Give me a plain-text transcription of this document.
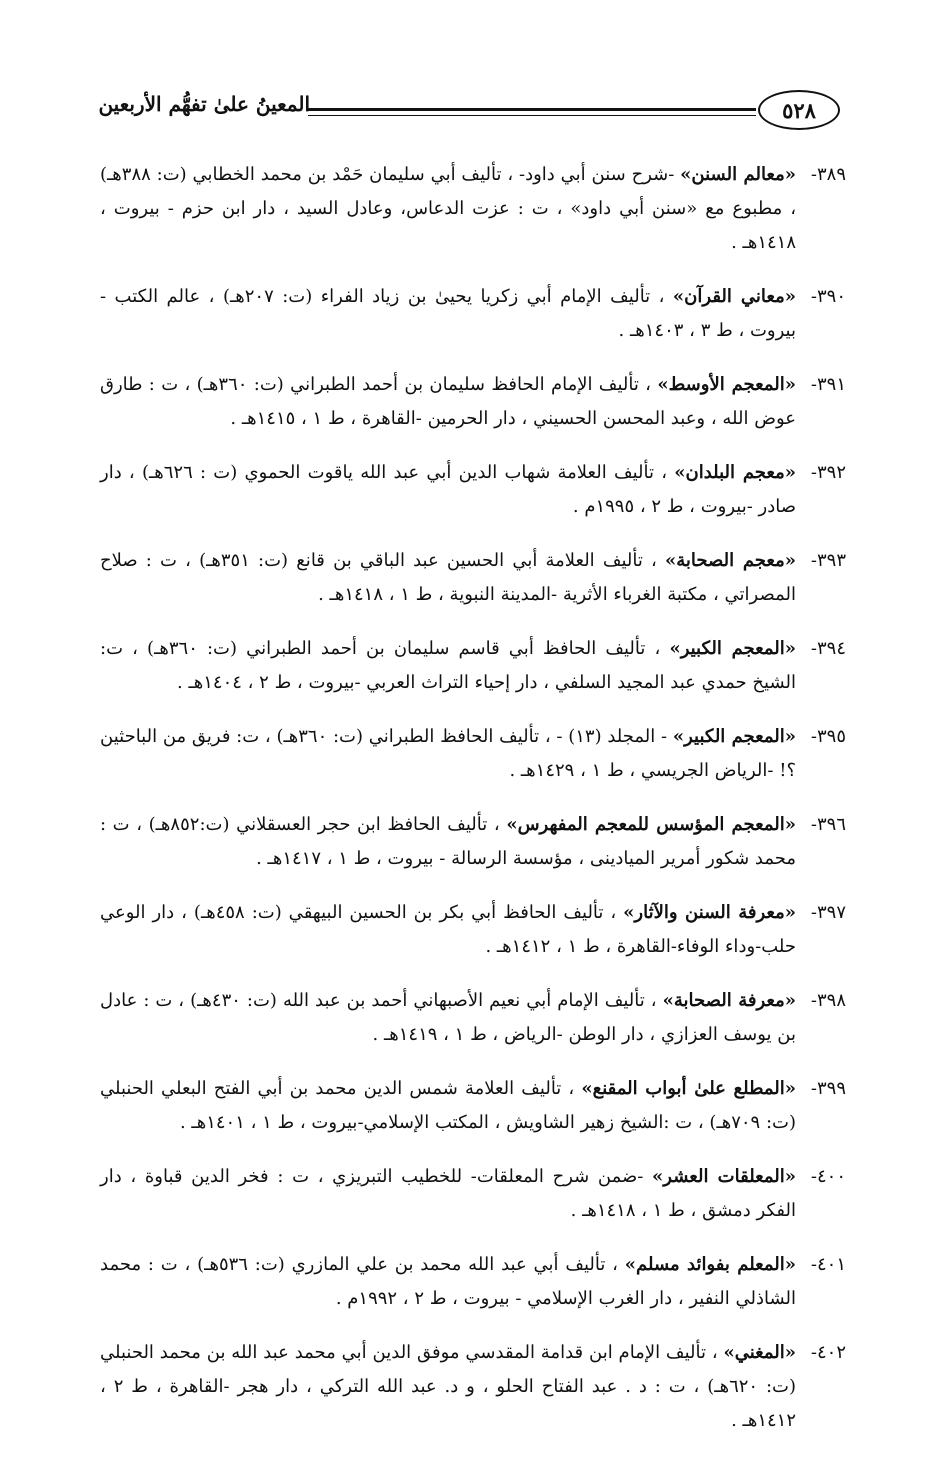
٥٢٨
المعينُ علىٰ تفهُّم الأربعين
٣٨٩-
«معالم السنن» -شرح سنن أبي داود- ، تأليف أبي سليمان حَمْد بن محمد الخطابي (ت: ٣٨٨هـ) ، مطبوع مع «سنن أبي داود» ، ت : عزت الدعاس، وعادل السيد ، دار ابن حزم - بيروت ، ١٤١٨هـ .
٣٩٠-
«معاني القرآن» ، تأليف الإمام أبي زكريا يحيىٰ بن زياد الفراء (ت: ٢٠٧هـ) ، عالم الكتب - بيروت ، ط ٣ ، ١٤٠٣هـ .
٣٩١-
«المعجم الأوسط» ، تأليف الإمام الحافظ سليمان بن أحمد الطبراني (ت: ٣٦٠هـ) ، ت : طارق عوض الله ، وعبد المحسن الحسيني ، دار الحرمين -القاهرة ، ط ١ ، ١٤١٥هـ .
٣٩٢-
«معجم البلدان» ، تأليف العلامة شهاب الدين أبي عبد الله ياقوت الحموي (ت : ٦٢٦هـ) ، دار صادر -بيروت ، ط ٢ ، ١٩٩٥م .
٣٩٣-
«معجم الصحابة» ، تأليف العلامة أبي الحسين عبد الباقي بن قانع (ت: ٣٥١هـ) ، ت : صلاح المصراتي ، مكتبة الغرباء الأثرية -المدينة النبوية ، ط ١ ، ١٤١٨هـ .
٣٩٤-
«المعجم الكبير» ، تأليف الحافظ أبي قاسم سليمان بن أحمد الطبراني (ت: ٣٦٠هـ) ، ت: الشيخ حمدي عبد المجيد السلفي ، دار إحياء التراث العربي -بيروت ، ط ٢ ، ١٤٠٤هـ .
٣٩٥-
«المعجم الكبير» - المجلد (١٣) - ، تأليف الحافظ الطبراني (ت: ٣٦٠هـ) ، ت: فريق من الباحثين ؟! -الرياض الجريسي ، ط ١ ، ١٤٢٩هـ .
٣٩٦-
«المعجم المؤسس للمعجم المفهرس» ، تأليف الحافظ ابن حجر العسقلاني (ت:٨٥٢هـ) ، ت : محمد شكور أمرير الميادينى ، مؤسسة الرسالة - بيروت ، ط ١ ، ١٤١٧هـ .
٣٩٧-
«معرفة السنن والآثار» ، تأليف الحافظ أبي بكر بن الحسين البيهقي (ت: ٤٥٨هـ) ، دار الوعي حلب-وداء الوفاء-القاهرة ، ط ١ ، ١٤١٢هـ .
٣٩٨-
«معرفة الصحابة» ، تأليف الإمام أبي نعيم الأصبهاني أحمد بن عبد الله (ت: ٤٣٠هـ) ، ت : عادل بن يوسف العزازي ، دار الوطن -الرياض ، ط ١ ، ١٤١٩هـ .
٣٩٩-
«المطلع علىٰ أبواب المقنع» ، تأليف العلامة شمس الدين محمد بن أبي الفتح البعلي الحنبلي (ت: ٧٠٩هـ) ، ت :الشيخ زهير الشاويش ، المكتب الإسلامي-بيروت ، ط ١ ، ١٤٠١هـ .
٤٠٠-
«المعلقات العشر» -ضمن شرح المعلقات- للخطيب التبريزي ، ت : فخر الدين قباوة ، دار الفكر دمشق ، ط ١ ، ١٤١٨هـ .
٤٠١-
«المعلم بفوائد مسلم» ، تأليف أبي عبد الله محمد بن علي المازري (ت: ٥٣٦هـ) ، ت : محمد الشاذلي النفير ، دار الغرب الإسلامي - بيروت ، ط ٢ ، ١٩٩٢م .
٤٠٢-
«المغني» ، تأليف الإمام ابن قدامة المقدسي موفق الدين أبي محمد عبد الله بن محمد الحنبلي (ت: ٦٢٠هـ) ، ت : د . عبد الفتاح الحلو ، و د. عبد الله التركي ، دار هجر -القاهرة ، ط ٢ ، ١٤١٢هـ .
